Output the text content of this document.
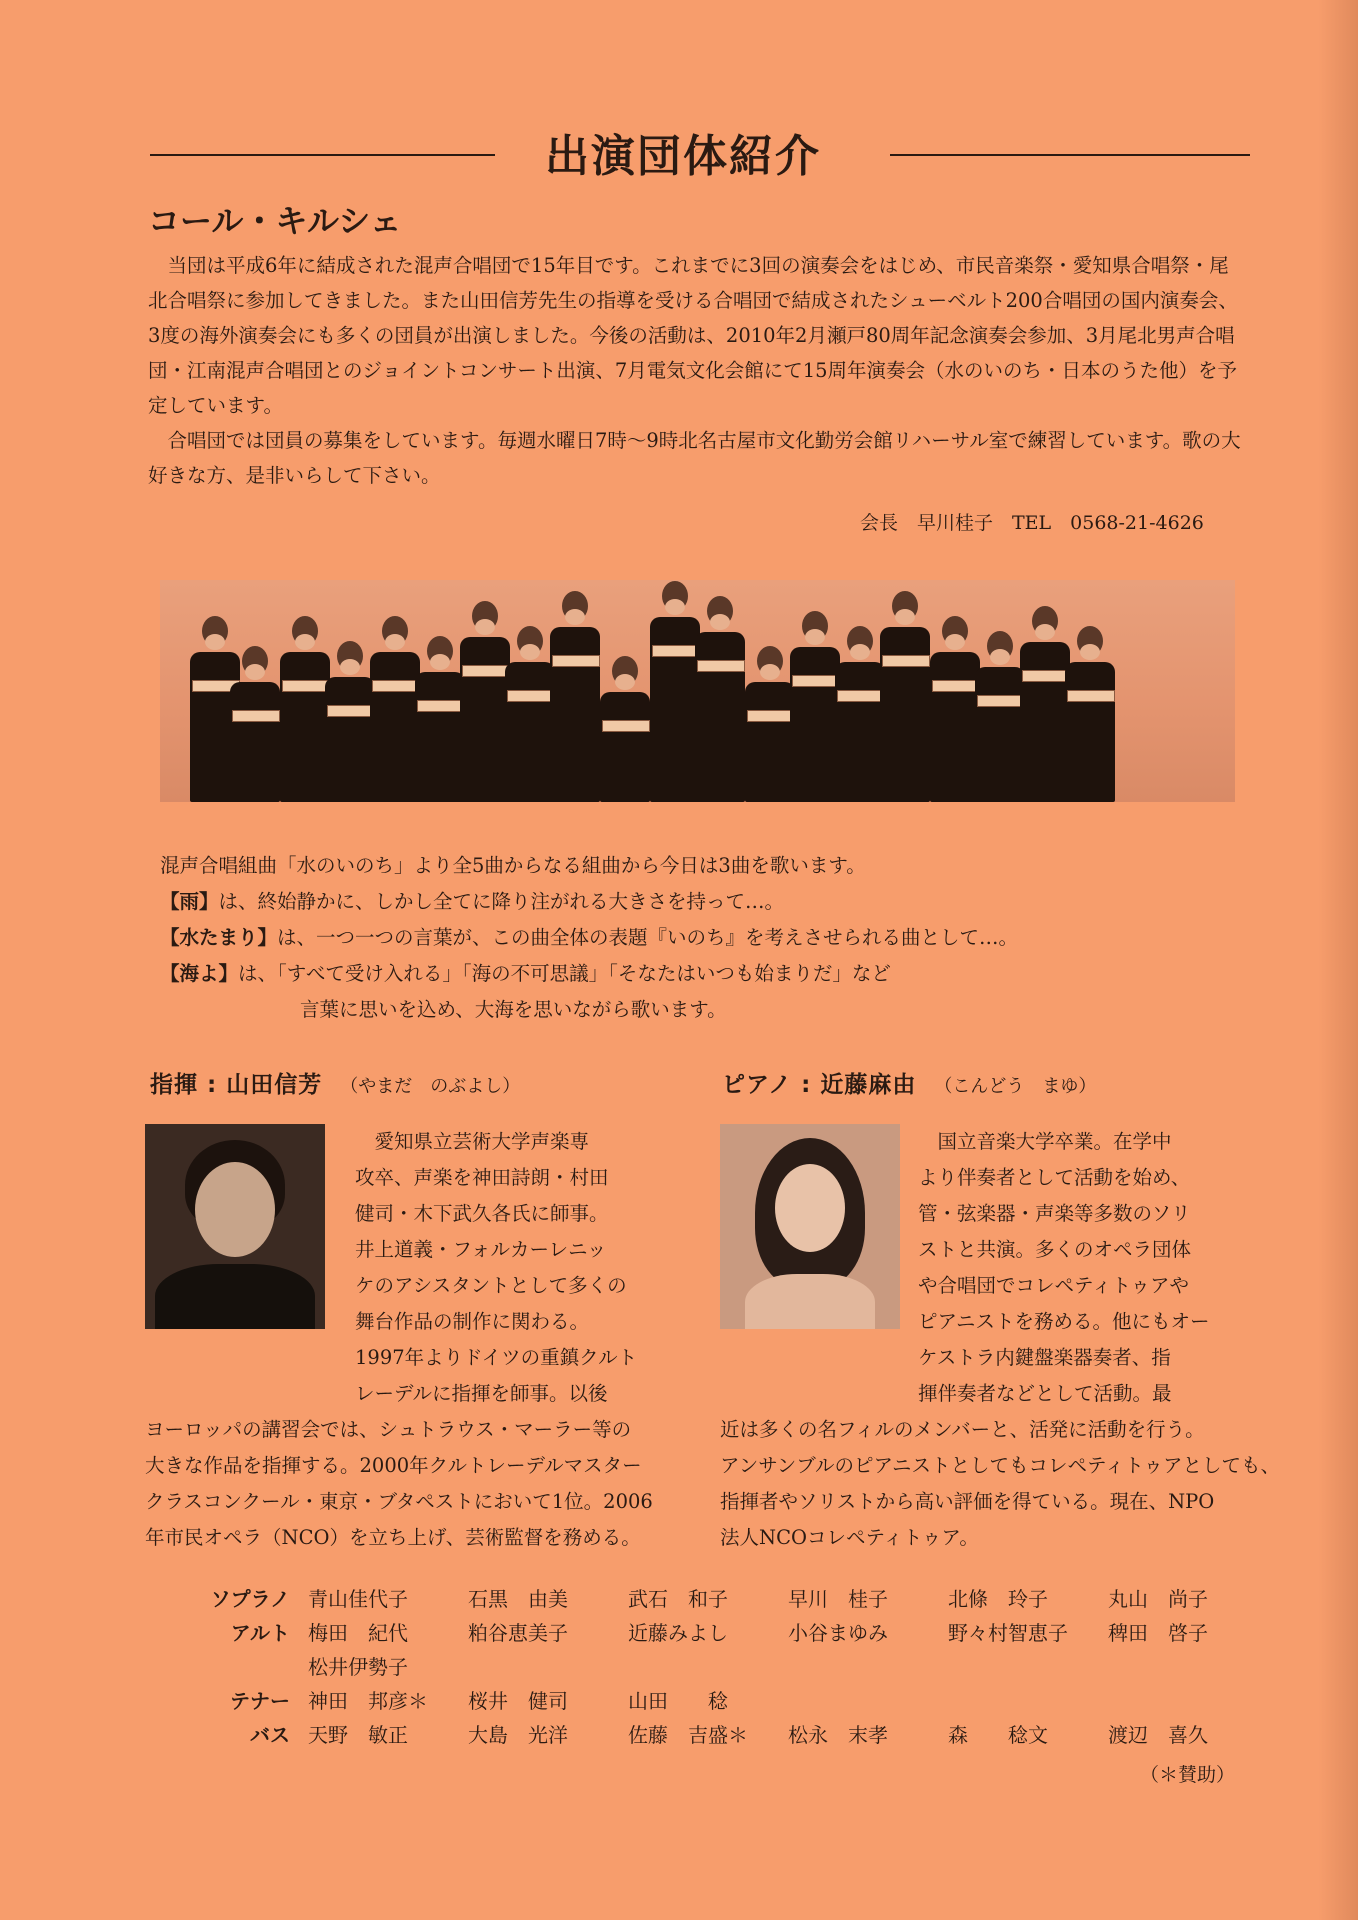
出演団体紹介
コール・キルシェ

当団は平成6年に結成された混声合唱団で15年目です。これまでに3回の演奏会をはじめ、市民音楽祭・愛知県合唱祭・尾北合唱祭に参加してきました。また山田信芳先生の指導を受ける合唱団で結成されたシューベルト200合唱団の国内演奏会、3度の海外演奏会にも多くの団員が出演しました。今後の活動は、2010年2月瀬戸80周年記念演奏会参加、3月尾北男声合唱団・江南混声合唱団とのジョイントコンサート出演、7月電気文化会館にて15周年演奏会（水のいのち・日本のうた他）を予定しています。

合唱団では団員の募集をしています。毎週水曜日7時〜9時北名古屋市文化勤労会館リハーサル室で練習しています。歌の大好きな方、是非いらして下さい。

会長　早川桂子　TEL　0568-21-4626
混声合唱組曲「水のいのち」より全5曲からなる組曲から今日は3曲を歌います。
【雨】は、終始静かに、しかし全てに降り注がれる大きさを持って…。
【水たまり】は、一つ一つの言葉が、この曲全体の表題『いのち』を考えさせられる曲として…。
【海よ】は、「すべて受け入れる」「海の不可思議」「そなたはいつも始まりだ」など
言葉に思いを込め、大海を思いながら歌います。
指揮 : 山田信芳 （やまだ　のぶよし）
愛知県立芸術大学声楽専
攻卒、声楽を神田詩朗・村田
健司・木下武久各氏に師事。
井上道義・フォルカーレニッ
ケのアシスタントとして多くの
舞台作品の制作に関わる。
1997年よりドイツの重鎮クルト
レーデルに指揮を師事。以後
ヨーロッパの講習会では、シュトラウス・マーラー等の
大きな作品を指揮する。2000年クルトレーデルマスター
クラスコンクール・東京・ブタペストにおいて1位。2006
年市民オペラ（NCO）を立ち上げ、芸術監督を務める。
ピアノ : 近藤麻由 （こんどう　まゆ）
国立音楽大学卒業。在学中
より伴奏者として活動を始め、
管・弦楽器・声楽等多数のソリ
ストと共演。多くのオペラ団体
や合唱団でコレペティトゥアや
ピアニストを務める。他にもオー
ケストラ内鍵盤楽器奏者、指
揮伴奏者などとして活動。最
近は多くの名フィルのメンバーと、活発に活動を行う。
アンサンブルのピアニストとしてもコレペティトゥアとしても、
指揮者やソリストから高い評価を得ている。現在、NPO
法人NCOコレペティトゥア。
ソプラノ	青山佳代子	石黒　由美	武石　和子	早川　桂子	北條　玲子	丸山　尚子
アルト	梅田　紀代	粕谷恵美子	近藤みよし	小谷まゆみ	野々村智恵子	稗田　啓子
	松井伊勢子					
テナー	神田　邦彦＊	桜井　健司	山田　　稔			
バス	天野　敏正	大島　光洋	佐藤　吉盛＊	松永　末孝	森　　稔文	渡辺　喜久
（＊賛助）
